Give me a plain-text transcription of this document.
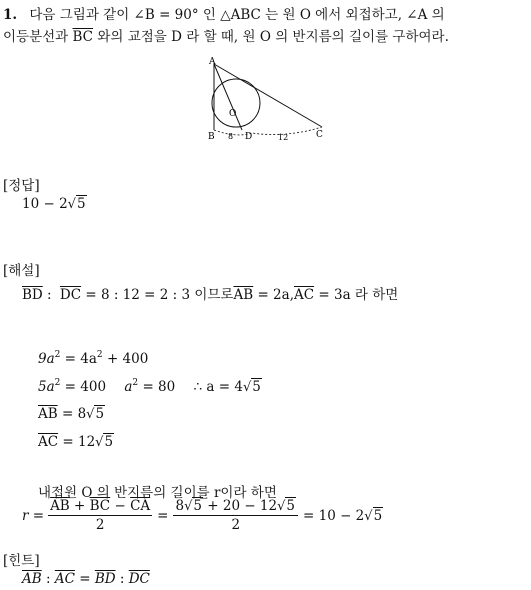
1. 다음 그림과 같이 ∠B = 90° 인 △ABC 는 원 O 에서 외접하고, ∠A 의
이등분선과 $\overline{BC}$ 와의 교점을 D 라 할 때, 원 O 의 반지름의 길이를 구하여라.
A
O
B 8 D	12	C
[정답]
10 − 2√5
[해설]
$\overline{BD}$ : $\overline{DC} = 8$ : 12 = 2 : 3 이므로$\overline{AB} = 2a,\overline{AC} = 3a$ 라 하면
$9a^2 = 4a^2 + 400$
$5a^2 = 400$ $a^2 = 80$ ∴ a = 4√5
$\overline{AB} = 8√5$
$\overline{AC} = 12√5$
내접원 O 의 반지름의 길이를 r이라 하면
$r = \frac{\overline{AB} + \overline{BC} - \overline{CA}}{2} = \frac{8√5 + 20 - 12√5}{2} = 10 - 2$ √5
[힌트]
$\overline{AB}$ : $\overline{AC} = \overline{BD}$ : $\overline{DC}$
